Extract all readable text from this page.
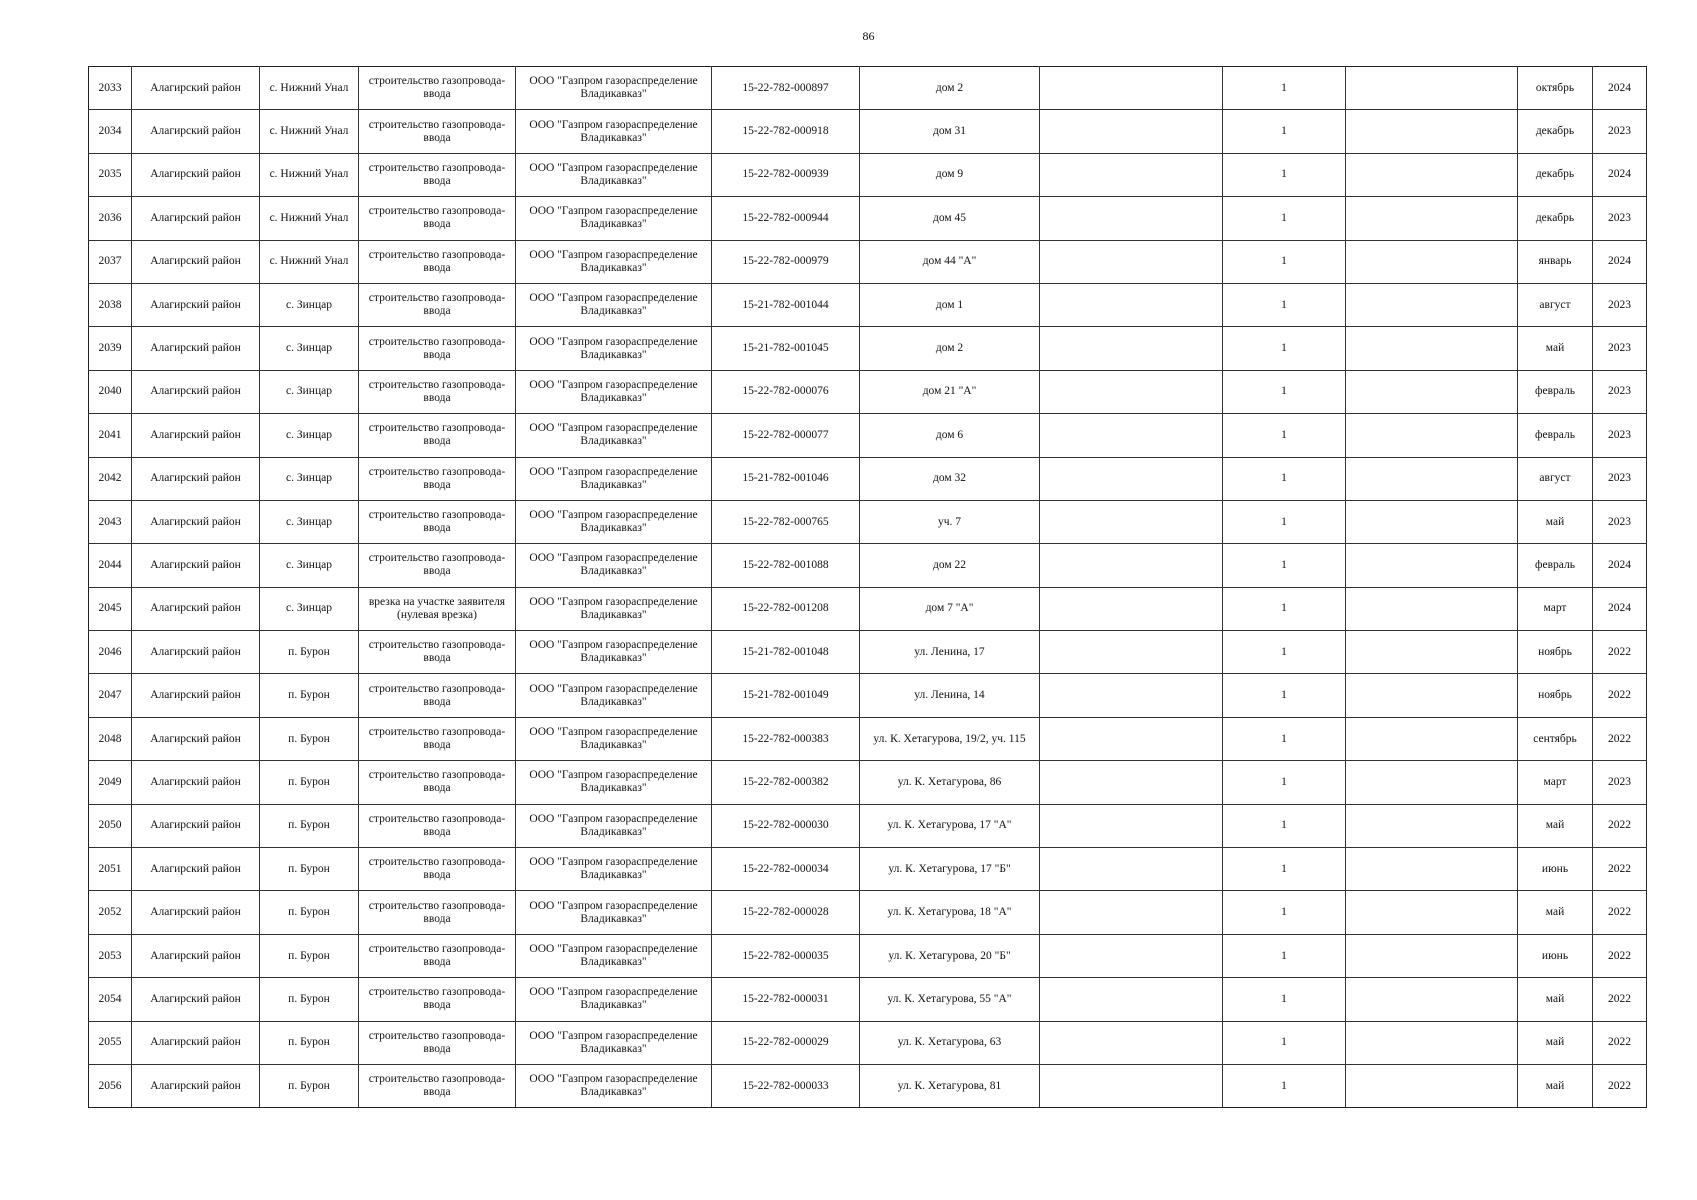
86
2033	Алагирский район	с. Нижний Унал	строительство газопровода-ввода	ООО "Газпром газораспределение Владикавказ"	15-22-782-000897	дом 2		1		октябрь	2024
2034	Алагирский район	с. Нижний Унал	строительство газопровода-ввода	ООО "Газпром газораспределение Владикавказ"	15-22-782-000918	дом 31		1		декабрь	2023
2035	Алагирский район	с. Нижний Унал	строительство газопровода-ввода	ООО "Газпром газораспределение Владикавказ"	15-22-782-000939	дом 9		1		декабрь	2024
2036	Алагирский район	с. Нижний Унал	строительство газопровода-ввода	ООО "Газпром газораспределение Владикавказ"	15-22-782-000944	дом 45		1		декабрь	2023
2037	Алагирский район	с. Нижний Унал	строительство газопровода-ввода	ООО "Газпром газораспределение Владикавказ"	15-22-782-000979	дом 44 "А"		1		январь	2024
2038	Алагирский район	с. Зинцар	строительство газопровода-ввода	ООО "Газпром газораспределение Владикавказ"	15-21-782-001044	дом 1		1		август	2023
2039	Алагирский район	с. Зинцар	строительство газопровода-ввода	ООО "Газпром газораспределение Владикавказ"	15-21-782-001045	дом 2		1		май	2023
2040	Алагирский район	с. Зинцар	строительство газопровода-ввода	ООО "Газпром газораспределение Владикавказ"	15-22-782-000076	дом 21 "А"		1		февраль	2023
2041	Алагирский район	с. Зинцар	строительство газопровода-ввода	ООО "Газпром газораспределение Владикавказ"	15-22-782-000077	дом 6		1		февраль	2023
2042	Алагирский район	с. Зинцар	строительство газопровода-ввода	ООО "Газпром газораспределение Владикавказ"	15-21-782-001046	дом 32		1		август	2023
2043	Алагирский район	с. Зинцар	строительство газопровода-ввода	ООО "Газпром газораспределение Владикавказ"	15-22-782-000765	уч. 7		1		май	2023
2044	Алагирский район	с. Зинцар	строительство газопровода-ввода	ООО "Газпром газораспределение Владикавказ"	15-22-782-001088	дом 22		1		февраль	2024
2045	Алагирский район	с. Зинцар	врезка на участке заявителя (нулевая врезка)	ООО "Газпром газораспределение Владикавказ"	15-22-782-001208	дом 7 "А"		1		март	2024
2046	Алагирский район	п. Бурон	строительство газопровода-ввода	ООО "Газпром газораспределение Владикавказ"	15-21-782-001048	ул. Ленина, 17		1		ноябрь	2022
2047	Алагирский район	п. Бурон	строительство газопровода-ввода	ООО "Газпром газораспределение Владикавказ"	15-21-782-001049	ул. Ленина, 14		1		ноябрь	2022
2048	Алагирский район	п. Бурон	строительство газопровода-ввода	ООО "Газпром газораспределение Владикавказ"	15-22-782-000383	ул. К. Хетагурова, 19/2, уч. 115		1		сентябрь	2022
2049	Алагирский район	п. Бурон	строительство газопровода-ввода	ООО "Газпром газораспределение Владикавказ"	15-22-782-000382	ул. К. Хетагурова, 86		1		март	2023
2050	Алагирский район	п. Бурон	строительство газопровода-ввода	ООО "Газпром газораспределение Владикавказ"	15-22-782-000030	ул. К. Хетагурова, 17 "А"		1		май	2022
2051	Алагирский район	п. Бурон	строительство газопровода-ввода	ООО "Газпром газораспределение Владикавказ"	15-22-782-000034	ул. К. Хетагурова, 17 "Б"		1		июнь	2022
2052	Алагирский район	п. Бурон	строительство газопровода-ввода	ООО "Газпром газораспределение Владикавказ"	15-22-782-000028	ул. К. Хетагурова, 18 "А"		1		май	2022
2053	Алагирский район	п. Бурон	строительство газопровода-ввода	ООО "Газпром газораспределение Владикавказ"	15-22-782-000035	ул. К. Хетагурова, 20 "Б"		1		июнь	2022
2054	Алагирский район	п. Бурон	строительство газопровода-ввода	ООО "Газпром газораспределение Владикавказ"	15-22-782-000031	ул. К. Хетагурова, 55 "А"		1		май	2022
2055	Алагирский район	п. Бурон	строительство газопровода-ввода	ООО "Газпром газораспределение Владикавказ"	15-22-782-000029	ул. К. Хетагурова, 63		1		май	2022
2056	Алагирский район	п. Бурон	строительство газопровода-ввода	ООО "Газпром газораспределение Владикавказ"	15-22-782-000033	ул. К. Хетагурова, 81		1		май	2022
